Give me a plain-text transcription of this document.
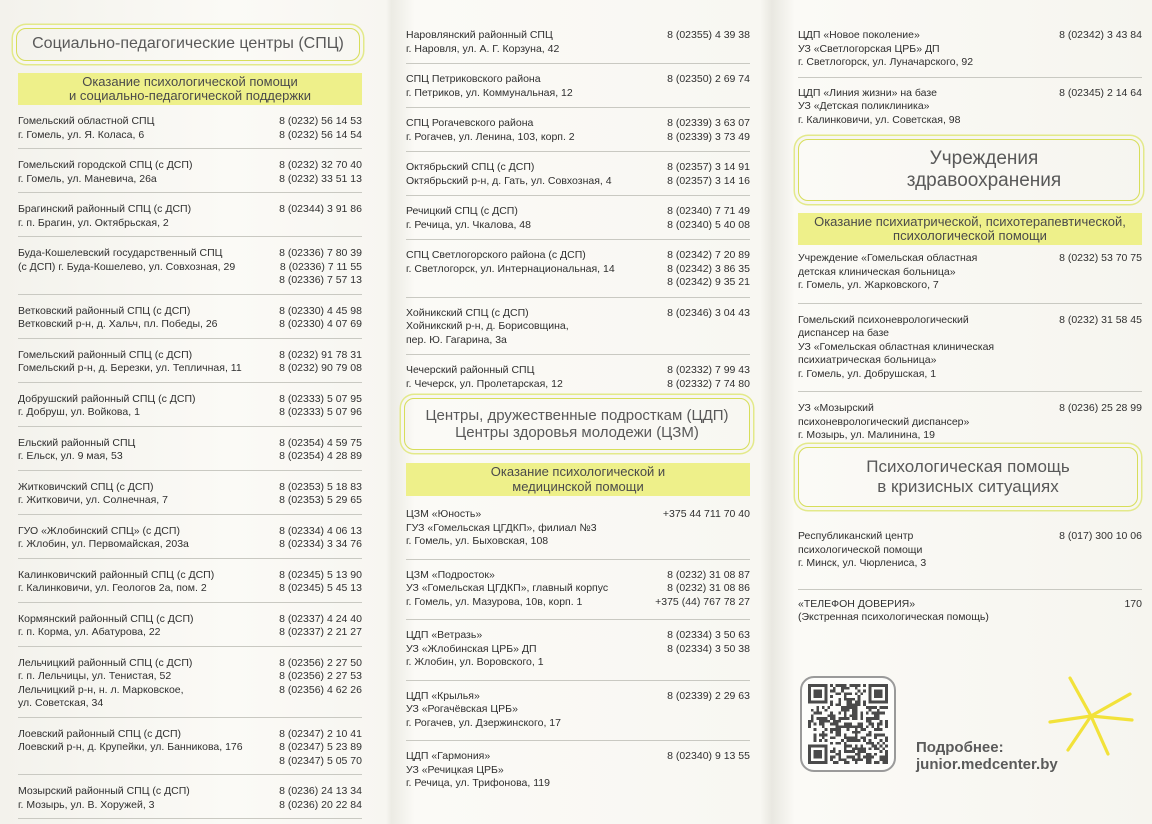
Социально-педагогические центры (СПЦ)
Оказание психологической помощи
и социально-педагогической поддержки
Гомельский областной СПЦ
г. Гомель, ул. Я. Коласа, 6
8 (0232) 56 14 53
8 (0232) 56 14 54
Гомельский городской СПЦ (с ДСП)
г. Гомель, ул. Маневича, 26а
8 (0232) 32 70 40
8 (0232) 33 51 13
Брагинский районный СПЦ (с ДСП)
г. п. Брагин, ул. Октябрьская, 2
8 (02344) 3 91 86
Буда-Кошелевский государственный СПЦ
(с ДСП) г. Буда-Кошелево, ул. Совхозная, 29
8 (02336) 7 80 39
8 (02336) 7 11 55
8 (02336) 7 57 13
Ветковский районный СПЦ (с ДСП)
Ветковский р-н, д. Хальч, пл. Победы, 26
8 (02330) 4 45 98
8 (02330) 4 07 69
Гомельский районный СПЦ (с ДСП)
Гомельский р-н, д. Березки, ул. Тепличная, 11
8 (0232) 91 78 31
8 (0232) 90 79 08
Добрушский районный СПЦ (с ДСП)
г. Добруш, ул. Войкова, 1
8 (02333) 5 07 95
8 (02333) 5 07 96
Ельский районный СПЦ
г. Ельск, ул. 9 мая, 53
8 (02354) 4 59 75
8 (02354) 4 28 89
Житковичский СПЦ (с ДСП)
г. Житковичи, ул. Солнечная, 7
8 (02353) 5 18 83
8 (02353) 5 29 65
ГУО «Жлобинский СПЦ» (с ДСП)
г. Жлобин, ул. Первомайская, 203а
8 (02334) 4 06 13
8 (02334) 3 34 76
Калинковичский районный СПЦ (с ДСП)
г. Калинковичи, ул. Геологов 2а, пом. 2
8 (02345) 5 13 90
8 (02345) 5 45 13
Кормянский районный СПЦ (с ДСП)
г. п. Корма, ул. Абатурова, 22
8 (02337) 4 24 40
8 (02337) 2 21 27
Лельчицкий районный СПЦ (с ДСП)
г. п. Лельчицы, ул. Тенистая, 52
Лельчицкий р-н, н. л. Марковское,
ул. Советская, 34
8 (02356) 2 27 50
8 (02356) 2 27 53
8 (02356) 4 62 26
Лоевский районный СПЦ (с ДСП)
Лоевский р-н, д. Крупейки, ул. Банникова, 176
8 (02347) 2 10 41
8 (02347) 5 23 89
8 (02347) 5 05 70
Мозырский районный СПЦ (с ДСП)
г. Мозырь, ул. В. Хоружей, 3
8 (0236) 24 13 34
8 (0236) 20 22 84
Наровлянский районный СПЦ
г. Наровля, ул. А. Г. Корзуна, 42
8 (02355) 4 39 38
СПЦ Петриковского района
г. Петриков, ул. Коммунальная, 12
8 (02350) 2 69 74
СПЦ Рогачевского района
г. Рогачев, ул. Ленина, 103, корп. 2
8 (02339) 3 63 07
8 (02339) 3 73 49
Октябрьский СПЦ (с ДСП)
Октябрьский р-н, д. Гать, ул. Совхозная, 4
8 (02357) 3 14 91
8 (02357) 3 14 16
Речицкий СПЦ (с ДСП)
г. Речица, ул. Чкалова, 48
8 (02340) 7 71 49
8 (02340) 5 40 08
СПЦ Светлогорского района (с ДСП)
г. Светлогорск, ул. Интернациональная, 14
8 (02342) 7 20 89
8 (02342) 3 86 35
8 (02342) 9 35 21
Хойникский СПЦ (с ДСП)
Хойникский р-н, д. Борисовщина,
пер. Ю. Гагарина, 3а
8 (02346) 3 04 43
Чечерский районный СПЦ
г. Чечерск, ул. Пролетарская, 12
8 (02332) 7 99 43
8 (02332) 7 74 80
Центры, дружественные подросткам (ЦДП)
Центры здоровья молодежи (ЦЗМ)
Оказание психологической и
медицинской помощи
ЦЗМ «Юность»
ГУЗ «Гомельская ЦГДКП», филиал №3
г. Гомель, ул. Быховская, 108
+375 44 711 70 40
ЦЗМ «Подросток»
УЗ «Гомельская ЦГДКП», главный корпус
г. Гомель, ул. Мазурова, 10в, корп. 1
8 (0232) 31 08 87
8 (0232) 31 08 86
+375 (44) 767 78 27
ЦДП «Ветразь»
УЗ «Жлобинская ЦРБ» ДП
г. Жлобин, ул. Воровского, 1
8 (02334) 3 50 63
8 (02334) 3 50 38
ЦДП «Крылья»
УЗ «Рогачёвская ЦРБ»
г. Рогачев, ул. Дзержинского, 17
8 (02339) 2 29 63
ЦДП «Гармония»
УЗ «Речицкая ЦРБ»
г. Речица, ул. Трифонова, 119
8 (02340) 9 13 55
ЦДП «Новое поколение»
УЗ «Светлогорская ЦРБ» ДП
г. Светлогорск, ул. Луначарского, 92
8 (02342) 3 43 84
ЦДП «Линия жизни» на базе
УЗ «Детская поликлиника»
г. Калинковичи, ул. Советская, 98
8 (02345) 2 14 64
Учреждения
здравоохранения
Оказание психиатрической, психотерапевтической,
психологической помощи
Учреждение «Гомельская областная
детская клиническая больница»
г. Гомель, ул. Жарковского, 7
8 (0232) 53 70 75
Гомельский психоневрологический
диспансер на базе
УЗ «Гомельская областная клиническая
психиатрическая больница»
г. Гомель, ул. Добрушская, 1
8 (0232) 31 58 45
УЗ «Мозырский
психоневрологический диспансер»
г. Мозырь, ул. Малинина, 19
8 (0236) 25 28 99
Психологическая помощь
в кризисных ситуациях
Республиканский центр
психологической помощи
г. Минск, ул. Чюрлениса, 3
8 (017) 300 10 06
«ТЕЛЕФОН ДОВЕРИЯ»
(Экстренная психологическая помощь)
170
Подробнее:
junior.medcenter.by
